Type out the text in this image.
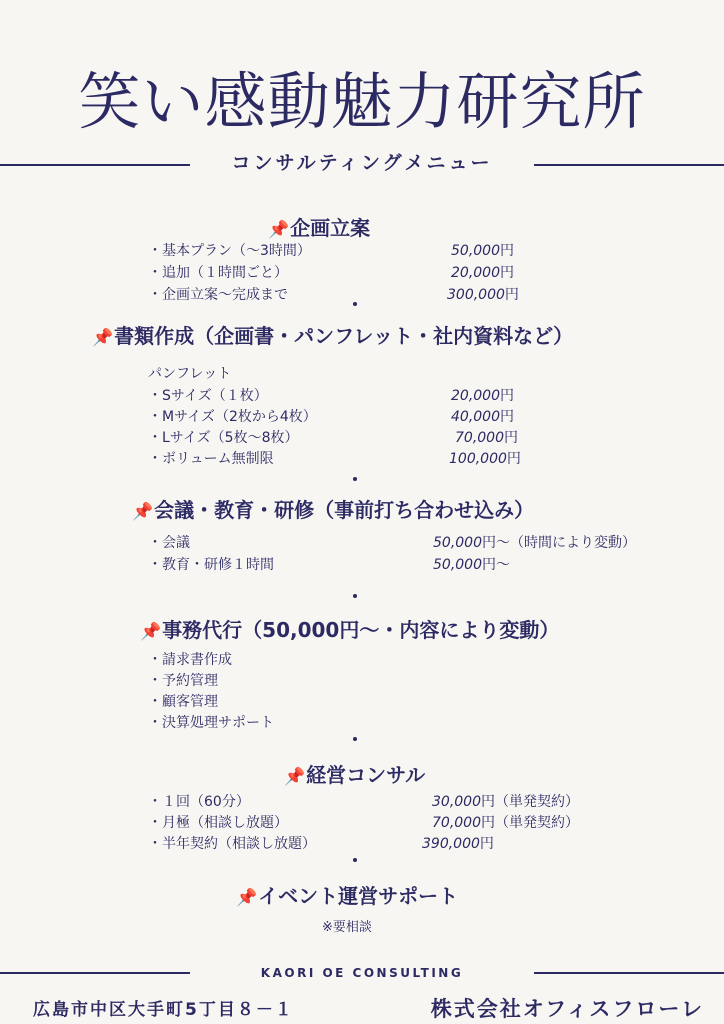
笑い感動魅力研究所
コンサルティングメニュー
📌企画立案
・基本プラン（～3時間）	50,000円
・追加（１時間ごと）	20,000円
・企画立案～完成まで	300,000円
📌書類作成（企画書・パンフレット・社内資料など）
パンフレット
・Sサイズ（１枚）	20,000円
・Mサイズ（2枚から4枚）	40,000円
・Lサイズ（5枚～8枚）	70,000円
・ボリューム無制限	100,000円
📌会議・教育・研修（事前打ち合わせ込み）
・会議	50,000円～（時間により変動）
・教育・研修１時間	50,000円～
📌事務代行（50,000円～・内容により変動）
・請求書作成
・予約管理
・顧客管理
・決算処理サポート
📌経営コンサル
・１回（60分）	30,000円（単発契約）
・月極（相談し放題）	70,000円（単発契約）
・半年契約（相談し放題）	390,000円
📌イベント運営サポート
※要相談
KAORI OE CONSULTING
広島市中区大手町5丁目８－１	株式会社オフィスフローレ
